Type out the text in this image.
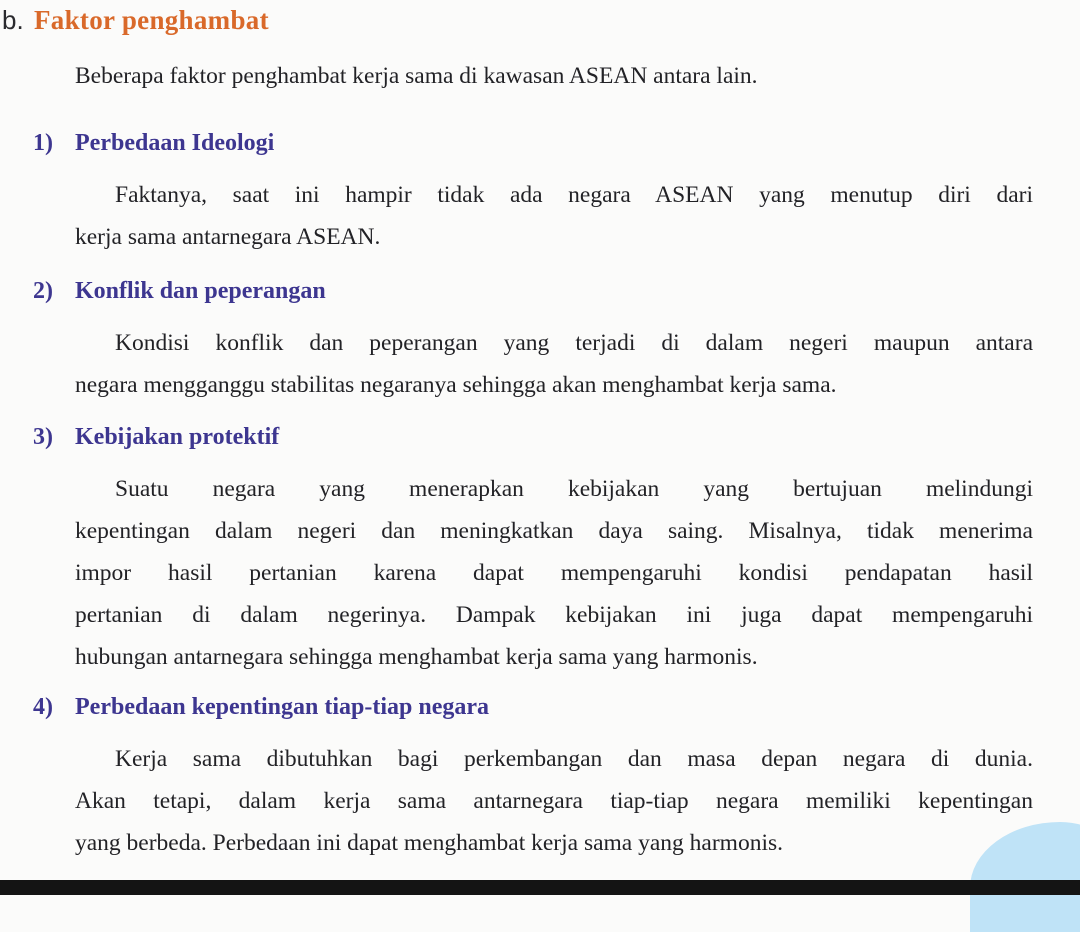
b. Faktor penghambat
Beberapa faktor penghambat kerja sama di kawasan ASEAN antara lain.
1) Perbedaan Ideologi
Faktanya, saat ini hampir tidak ada negara ASEAN yang menutup diri dari
kerja sama antarnegara ASEAN.
2) Konflik dan peperangan
Kondisi konflik dan peperangan yang terjadi di dalam negeri maupun antara
negara mengganggu stabilitas negaranya sehingga akan menghambat kerja sama.
3) Kebijakan protektif
Suatu negara yang menerapkan kebijakan yang bertujuan melindungi
kepentingan dalam negeri dan meningkatkan daya saing. Misalnya, tidak menerima
impor hasil pertanian karena dapat mempengaruhi kondisi pendapatan hasil
pertanian di dalam negerinya. Dampak kebijakan ini juga dapat mempengaruhi
hubungan antarnegara sehingga menghambat kerja sama yang harmonis.
4) Perbedaan kepentingan tiap-tiap negara
Kerja sama dibutuhkan bagi perkembangan dan masa depan negara di dunia.
Akan tetapi, dalam kerja sama antarnegara tiap-tiap negara memiliki kepentingan
yang berbeda. Perbedaan ini dapat menghambat kerja sama yang harmonis.
